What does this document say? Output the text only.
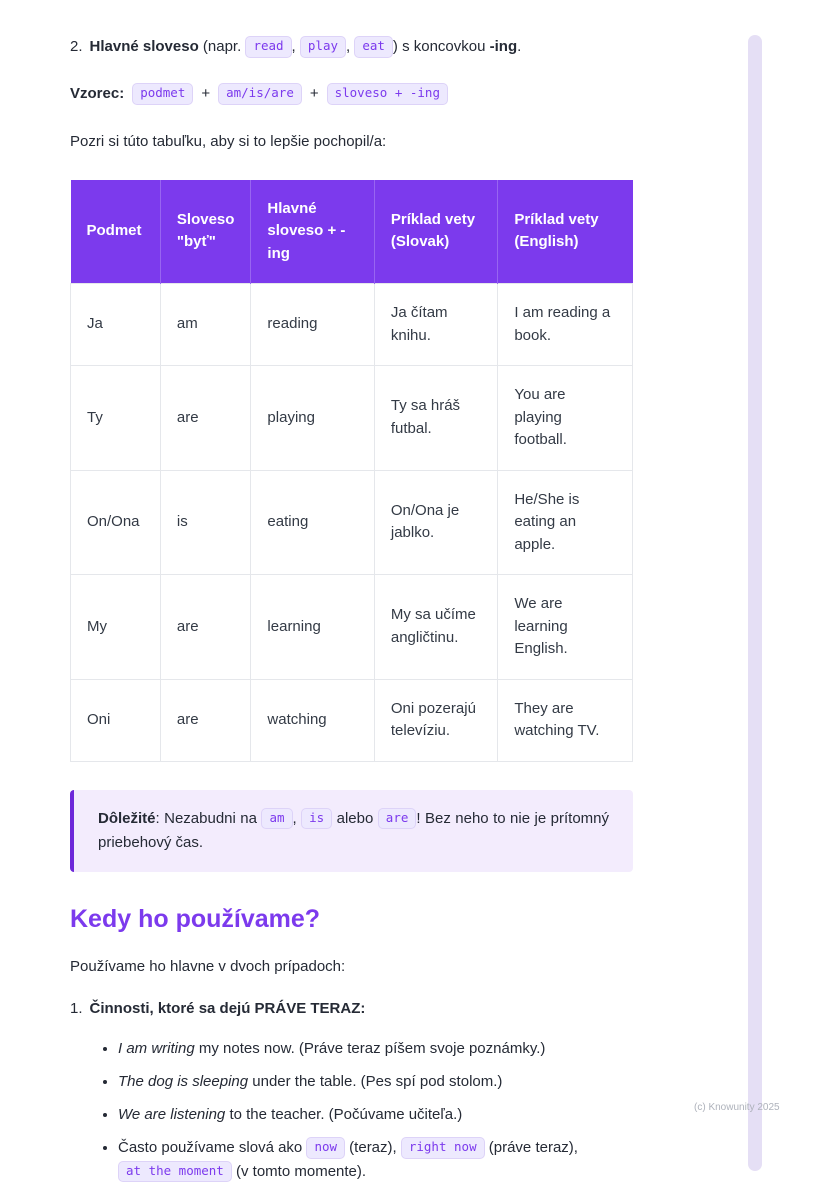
2. Hlavné sloveso (napr. read , play , eat ) s koncovkou -ing.
Vzorec:	podmet	+	am/is/are	+	sloveso + -ing

Pozri si túto tabuľku, aby si to lepšie pochopil/a:

Podmet	Sloveso "byť"	Hlavné sloveso + -ing	Príklad vety (Slovak)	Príklad vety (English)
Ja	am	reading	Ja čítam knihu.	I am reading a book.
Ty	are	playing	Ty sa hráš futbal.	You are playing football.
On/Ona	is	eating	On/Ona je jablko.	He/She is eating an apple.
My	are	learning	My sa učíme angličtinu.	We are learning English.
Oni	are	watching	Oni pozerajú televíziu.	They are watching TV.
Dôležité: Nezabudni na am , is alebo are ! Bez neho to nie je prítomný priebehový čas.
Kedy ho používame?

Používame ho hlavne v dvoch prípadoch:

1. Činnosti, ktoré sa dejú PRÁVE TERAZ:
• I am writing my notes now. (Práve teraz píšem svoje poznámky.)
• The dog is sleeping under the table. (Pes spí pod stolom.)
• We are listening to the teacher. (Počúvame učiteľa.)
• Často používame slová ako now (teraz), right now (práve teraz), at the moment (v tomto momente).
(c) Knowunity 2025
